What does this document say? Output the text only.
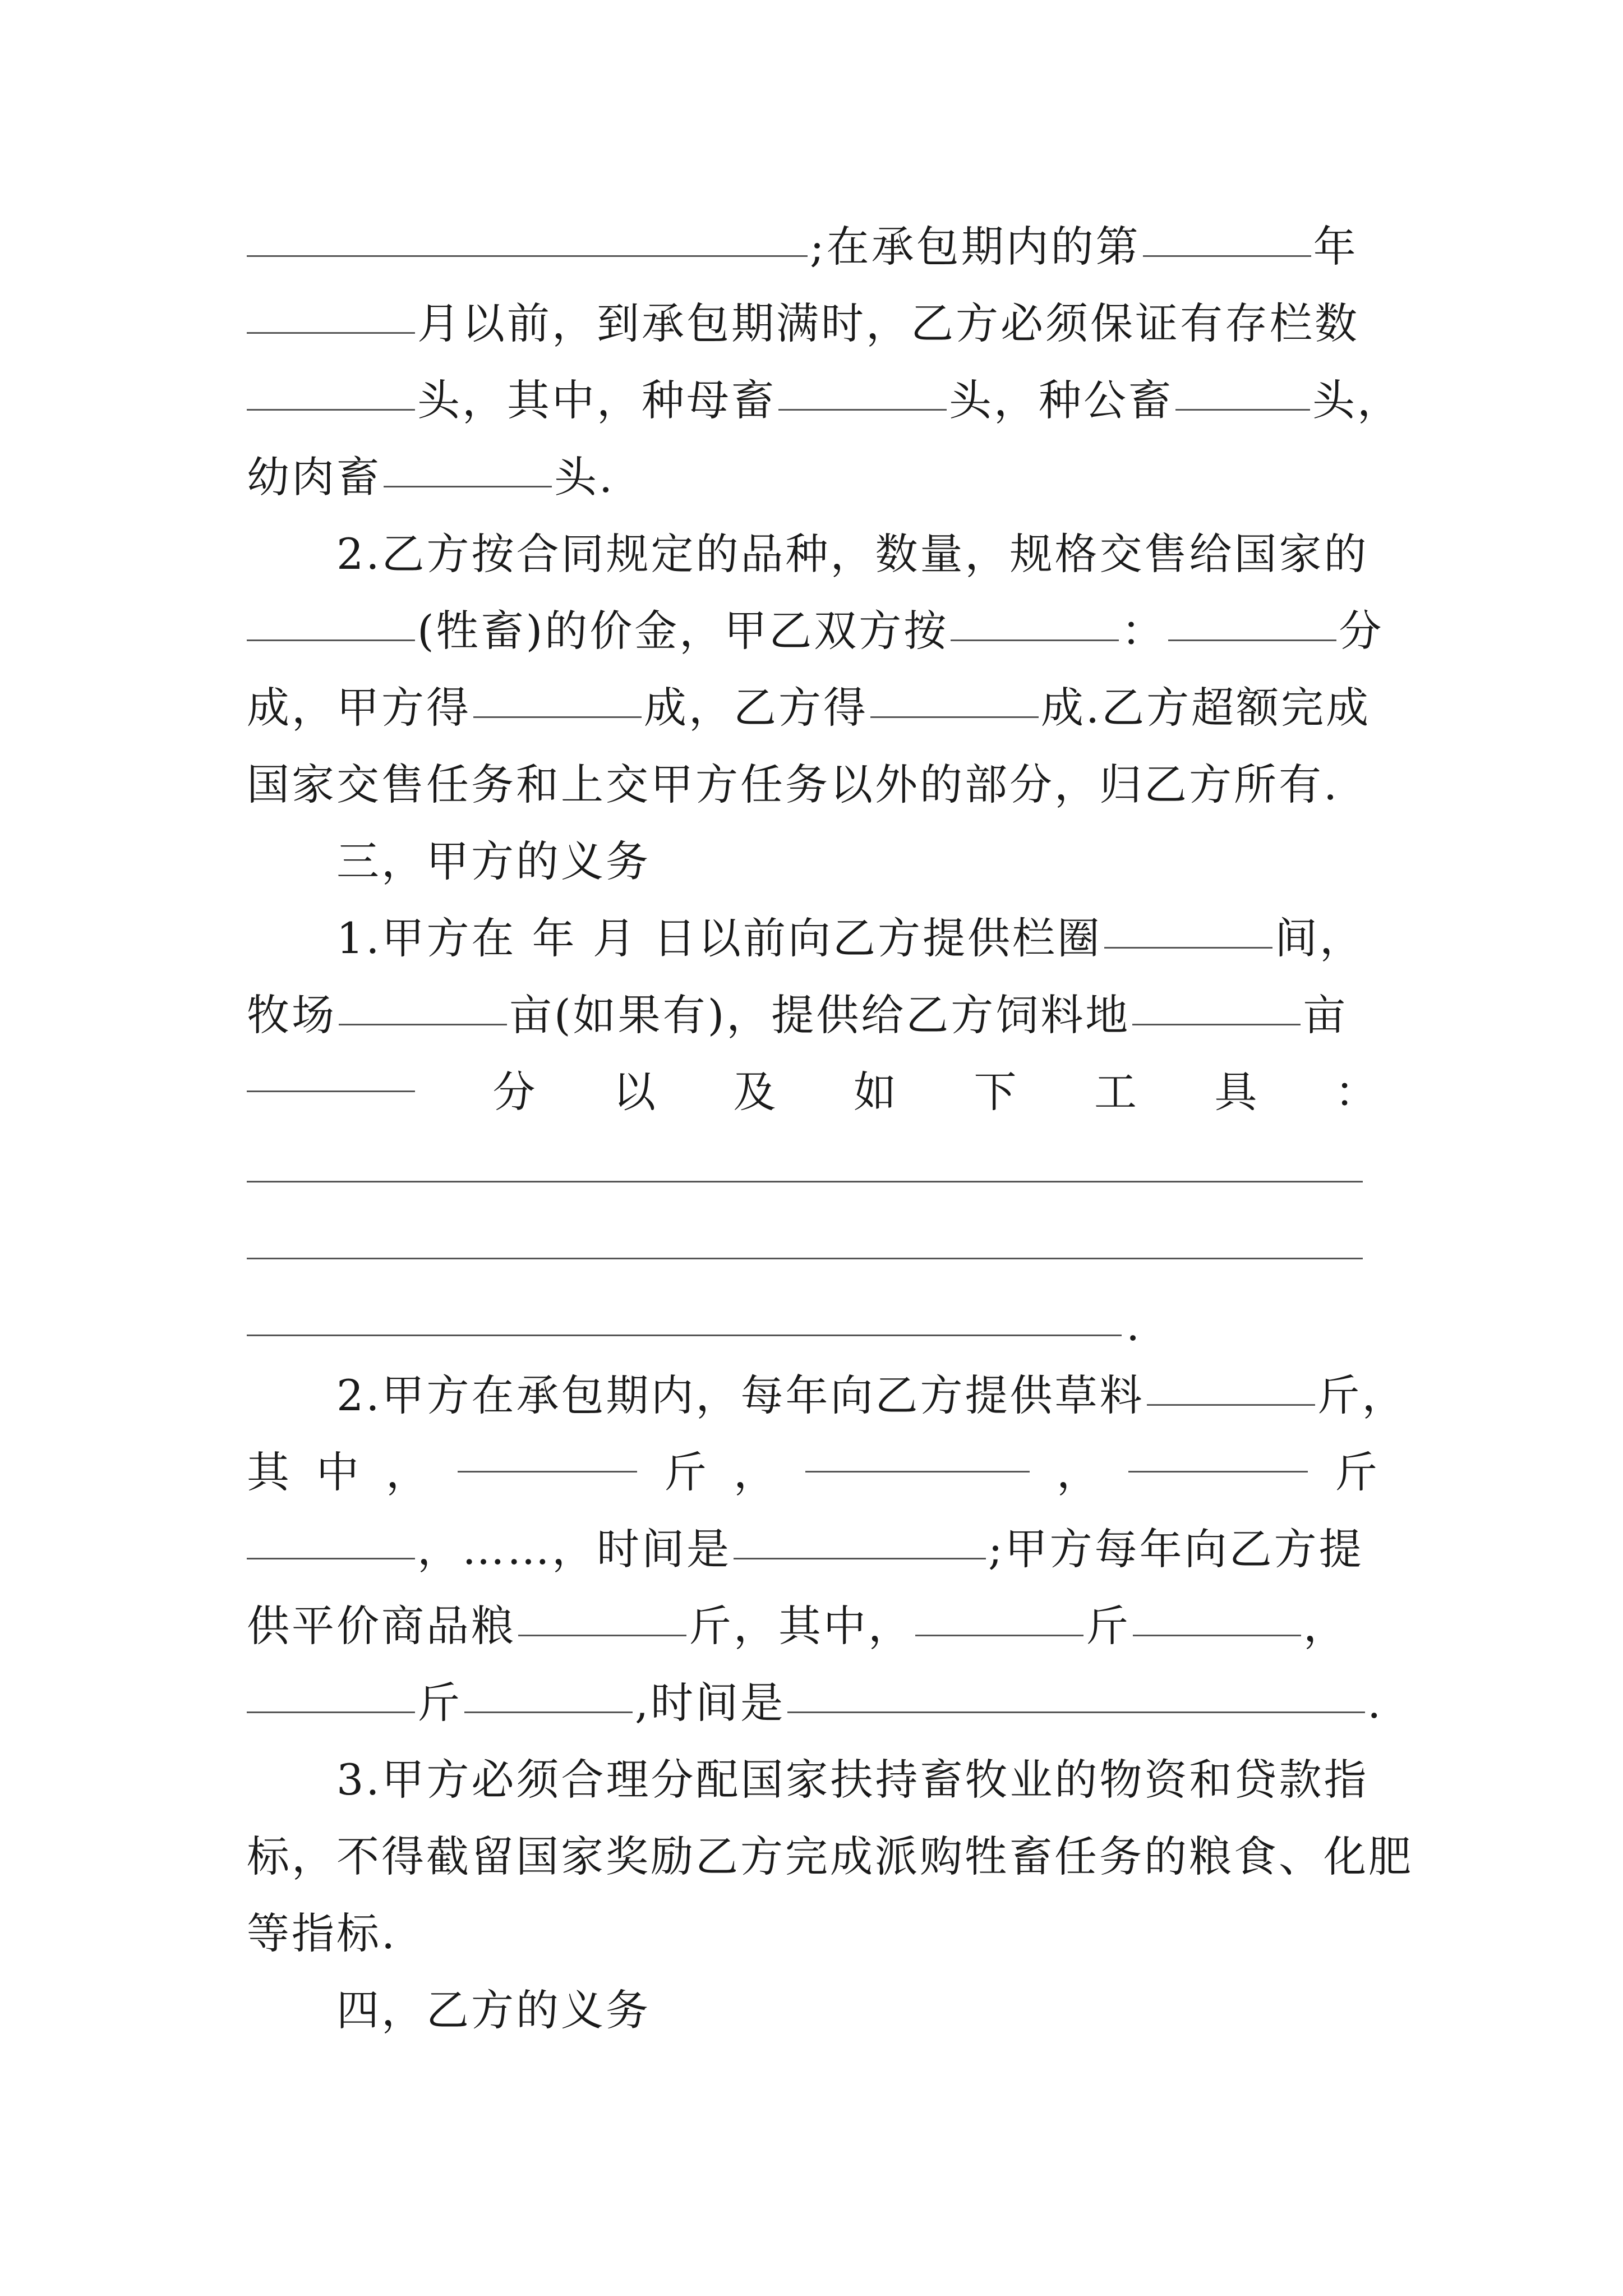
;在承包期内的第	年
月以前，到承包期满时，乙方必须保证有存栏数
头，其中，种母畜	头，种公畜	头，
幼肉畜	头.
2.乙方按合同规定的品种，数量，规格交售给国家的
(牲畜)的价金，甲乙双方按	：	分
成，甲方得	成，乙方得	成.乙方超额完成
国家交售任务和上交甲方任务以外的部分，归乙方所有.
三，甲方的义务
1.甲方在 年 月 日以前向乙方提供栏圈	间，
牧场	亩(如果有)，提供给乙方饲料地	亩
分 以 及 如 下 工 具 ：
.
2.甲方在承包期内，每年向乙方提供草料	斤，
其 中 ，	斤 ，	，	斤
，……，时间是	;甲方每年向乙方提
供平价商品粮	斤，其中，	斤	，
斤	,时间是	.
3.甲方必须合理分配国家扶持畜牧业的物资和贷款指
标，不得截留国家奖励乙方完成派购牲畜任务的粮食、化肥
等指标.
四，乙方的义务
